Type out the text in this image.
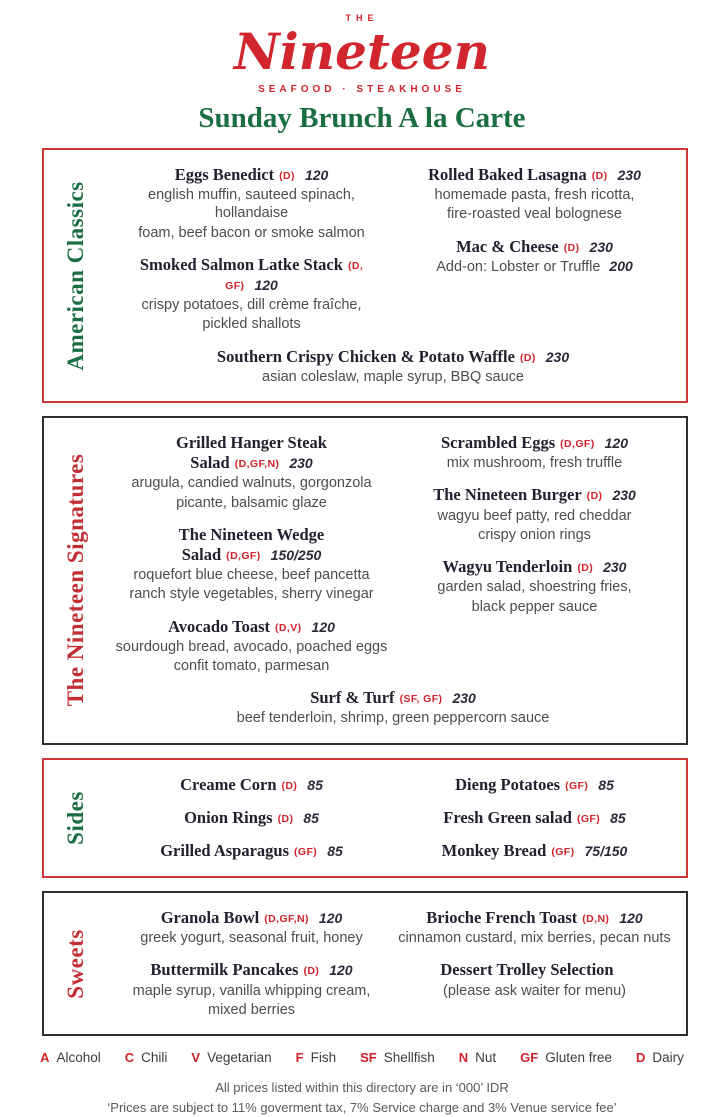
THE
Nineteen
SEAFOOD · STEAKHOUSE
Sunday Brunch A la Carte
American Classics
Eggs Benedict (D) 120
english muffin, sauteed spinach, hollandaise
foam, beef bacon or smoke salmon
Smoked Salmon Latke Stack (D, GF) 120
crispy potatoes, dill crème fraîche,
pickled shallots
Rolled Baked Lasagna (D) 230
homemade pasta, fresh ricotta,
fire-roasted veal bolognese
Mac & Cheese (D) 230
Add-on: Lobster or Truffle 200
Southern Crispy Chicken & Potato Waffle (D) 230
asian coleslaw, maple syrup, BBQ sauce
The Nineteen Signatures
Grilled Hanger Steak Salad (D,GF,N) 230
arugula, candied walnuts, gorgonzola
picante, balsamic glaze
The Nineteen Wedge Salad (D,GF) 150/250
roquefort blue cheese, beef pancetta
ranch style vegetables, sherry vinegar
Avocado Toast (D,V) 120
sourdough bread, avocado, poached eggs
confit tomato, parmesan
Scrambled Eggs (D,GF) 120
mix mushroom, fresh truffle
The Nineteen Burger (D) 230
wagyu beef patty, red cheddar
crispy onion rings
Wagyu Tenderloin (D) 230
garden salad, shoestring fries,
black pepper sauce
Surf & Turf (SF, GF) 230
beef tenderloin, shrimp, green peppercorn sauce
Sides
Creame Corn (D) 85
Onion Rings (D) 85
Grilled Asparagus (GF) 85
Dieng Potatoes (GF) 85
Fresh Green salad (GF) 85
Monkey Bread (GF) 75/150
Sweets
Granola Bowl (D,GF,N) 120
greek yogurt, seasonal fruit, honey
Buttermilk Pancakes (D) 120
maple syrup, vanilla whipping cream,
mixed berries
Brioche French Toast (D,N) 120
cinnamon custard, mix berries, pecan nuts
Dessert Trolley Selection
(please ask waiter for menu)
A Alcohol C Chili V Vegetarian F Fish SF Shellfish N Nut GF Gluten free D Dairy
All prices listed within this directory are in ‘000’ IDR
‘Prices are subject to 11% goverment tax, 7% Service charge and 3% Venue service fee’
